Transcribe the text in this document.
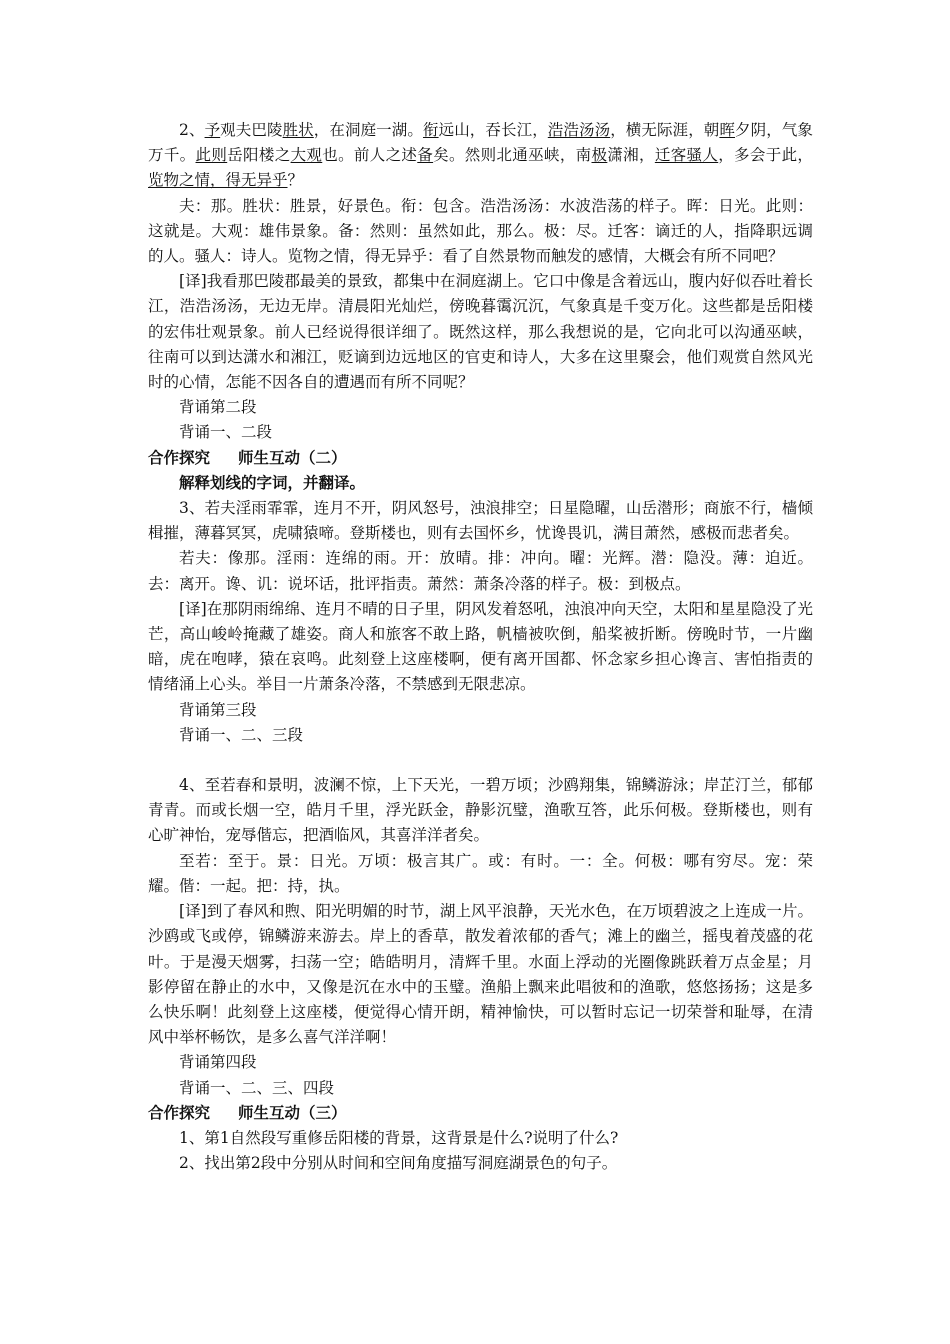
2、予观夫巴陵胜状，在洞庭一湖。衔远山，吞长江，浩浩汤汤，横无际涯，朝晖夕阴，气象万千。此则岳阳楼之大观也。前人之述备矣。然则北通巫峡，南极潇湘，迁客骚人，多会于此，览物之情，得无异乎？

夫：那。胜状：胜景，好景色。衔：包含。浩浩汤汤：水波浩荡的样子。晖：日光。此则：这就是。大观：雄伟景象。备：然则：虽然如此，那么。极：尽。迁客：谪迁的人，指降职远调的人。骚人：诗人。览物之情，得无异乎：看了自然景物而触发的感情，大概会有所不同吧？

[译]我看那巴陵郡最美的景致，都集中在洞庭湖上。它口中像是含着远山，腹内好似吞吐着长江，浩浩汤汤，无边无岸。清晨阳光灿烂，傍晚暮霭沉沉，气象真是千变万化。这些都是岳阳楼的宏伟壮观景象。前人已经说得很详细了。既然这样，那么我想说的是，它向北可以沟通巫峡，往南可以到达潇水和湘江，贬谪到边远地区的官吏和诗人，大多在这里聚会，他们观赏自然风光时的心情，怎能不因各自的遭遇而有所不同呢？

背诵第二段

背诵一、二段

合作探究 师生互动（二）

解释划线的字词，并翻译。

3、若夫淫雨霏霏，连月不开，阴风怒号，浊浪排空；日星隐曜，山岳潜形；商旅不行，樯倾楫摧，薄暮冥冥，虎啸猿啼。登斯楼也，则有去国怀乡，忧谗畏讥，满目萧然，感极而悲者矣。

若夫：像那。淫雨：连绵的雨。开：放晴。排：冲向。曜：光辉。潜：隐没。薄：迫近。去：离开。谗、讥：说坏话，批评指责。萧然：萧条冷落的样子。极：到极点。

[译]在那阴雨绵绵、连月不晴的日子里，阴风发着怒吼，浊浪冲向天空，太阳和星星隐没了光芒，高山峻岭掩藏了雄姿。商人和旅客不敢上路，帆樯被吹倒，船桨被折断。傍晚时节，一片幽暗，虎在咆哮，猿在哀鸣。此刻登上这座楼啊，便有离开国都、怀念家乡担心谗言、害怕指责的情绪涌上心头。举目一片萧条冷落，不禁感到无限悲凉。

背诵第三段

背诵一、二、三段

4、至若春和景明，波澜不惊，上下天光，一碧万顷；沙鸥翔集，锦鳞游泳；岸芷汀兰，郁郁青青。而或长烟一空，皓月千里，浮光跃金，静影沉璧，渔歌互答，此乐何极。登斯楼也，则有心旷神怡，宠辱偕忘，把酒临风，其喜洋洋者矣。

至若：至于。景：日光。万顷：极言其广。或：有时。一：全。何极：哪有穷尽。宠：荣耀。偕：一起。把：持，执。

[译]到了春风和煦、阳光明媚的时节，湖上风平浪静，天光水色，在万顷碧波之上连成一片。沙鸥或飞或停，锦鳞游来游去。岸上的香草，散发着浓郁的香气；滩上的幽兰，摇曳着茂盛的花叶。于是漫天烟雾，扫荡一空；皓皓明月，清辉千里。水面上浮动的光圈像跳跃着万点金星；月影停留在静止的水中，又像是沉在水中的玉璧。渔船上飘来此唱彼和的渔歌，悠悠扬扬；这是多么快乐啊！此刻登上这座楼，便觉得心情开朗，精神愉快，可以暂时忘记一切荣誉和耻辱，在清风中举杯畅饮，是多么喜气洋洋啊！

背诵第四段

背诵一、二、三、四段

合作探究 师生互动（三）

1、第1自然段写重修岳阳楼的背景，这背景是什么?说明了什么?

2、找出第2段中分别从时间和空间角度描写洞庭湖景色的句子。
